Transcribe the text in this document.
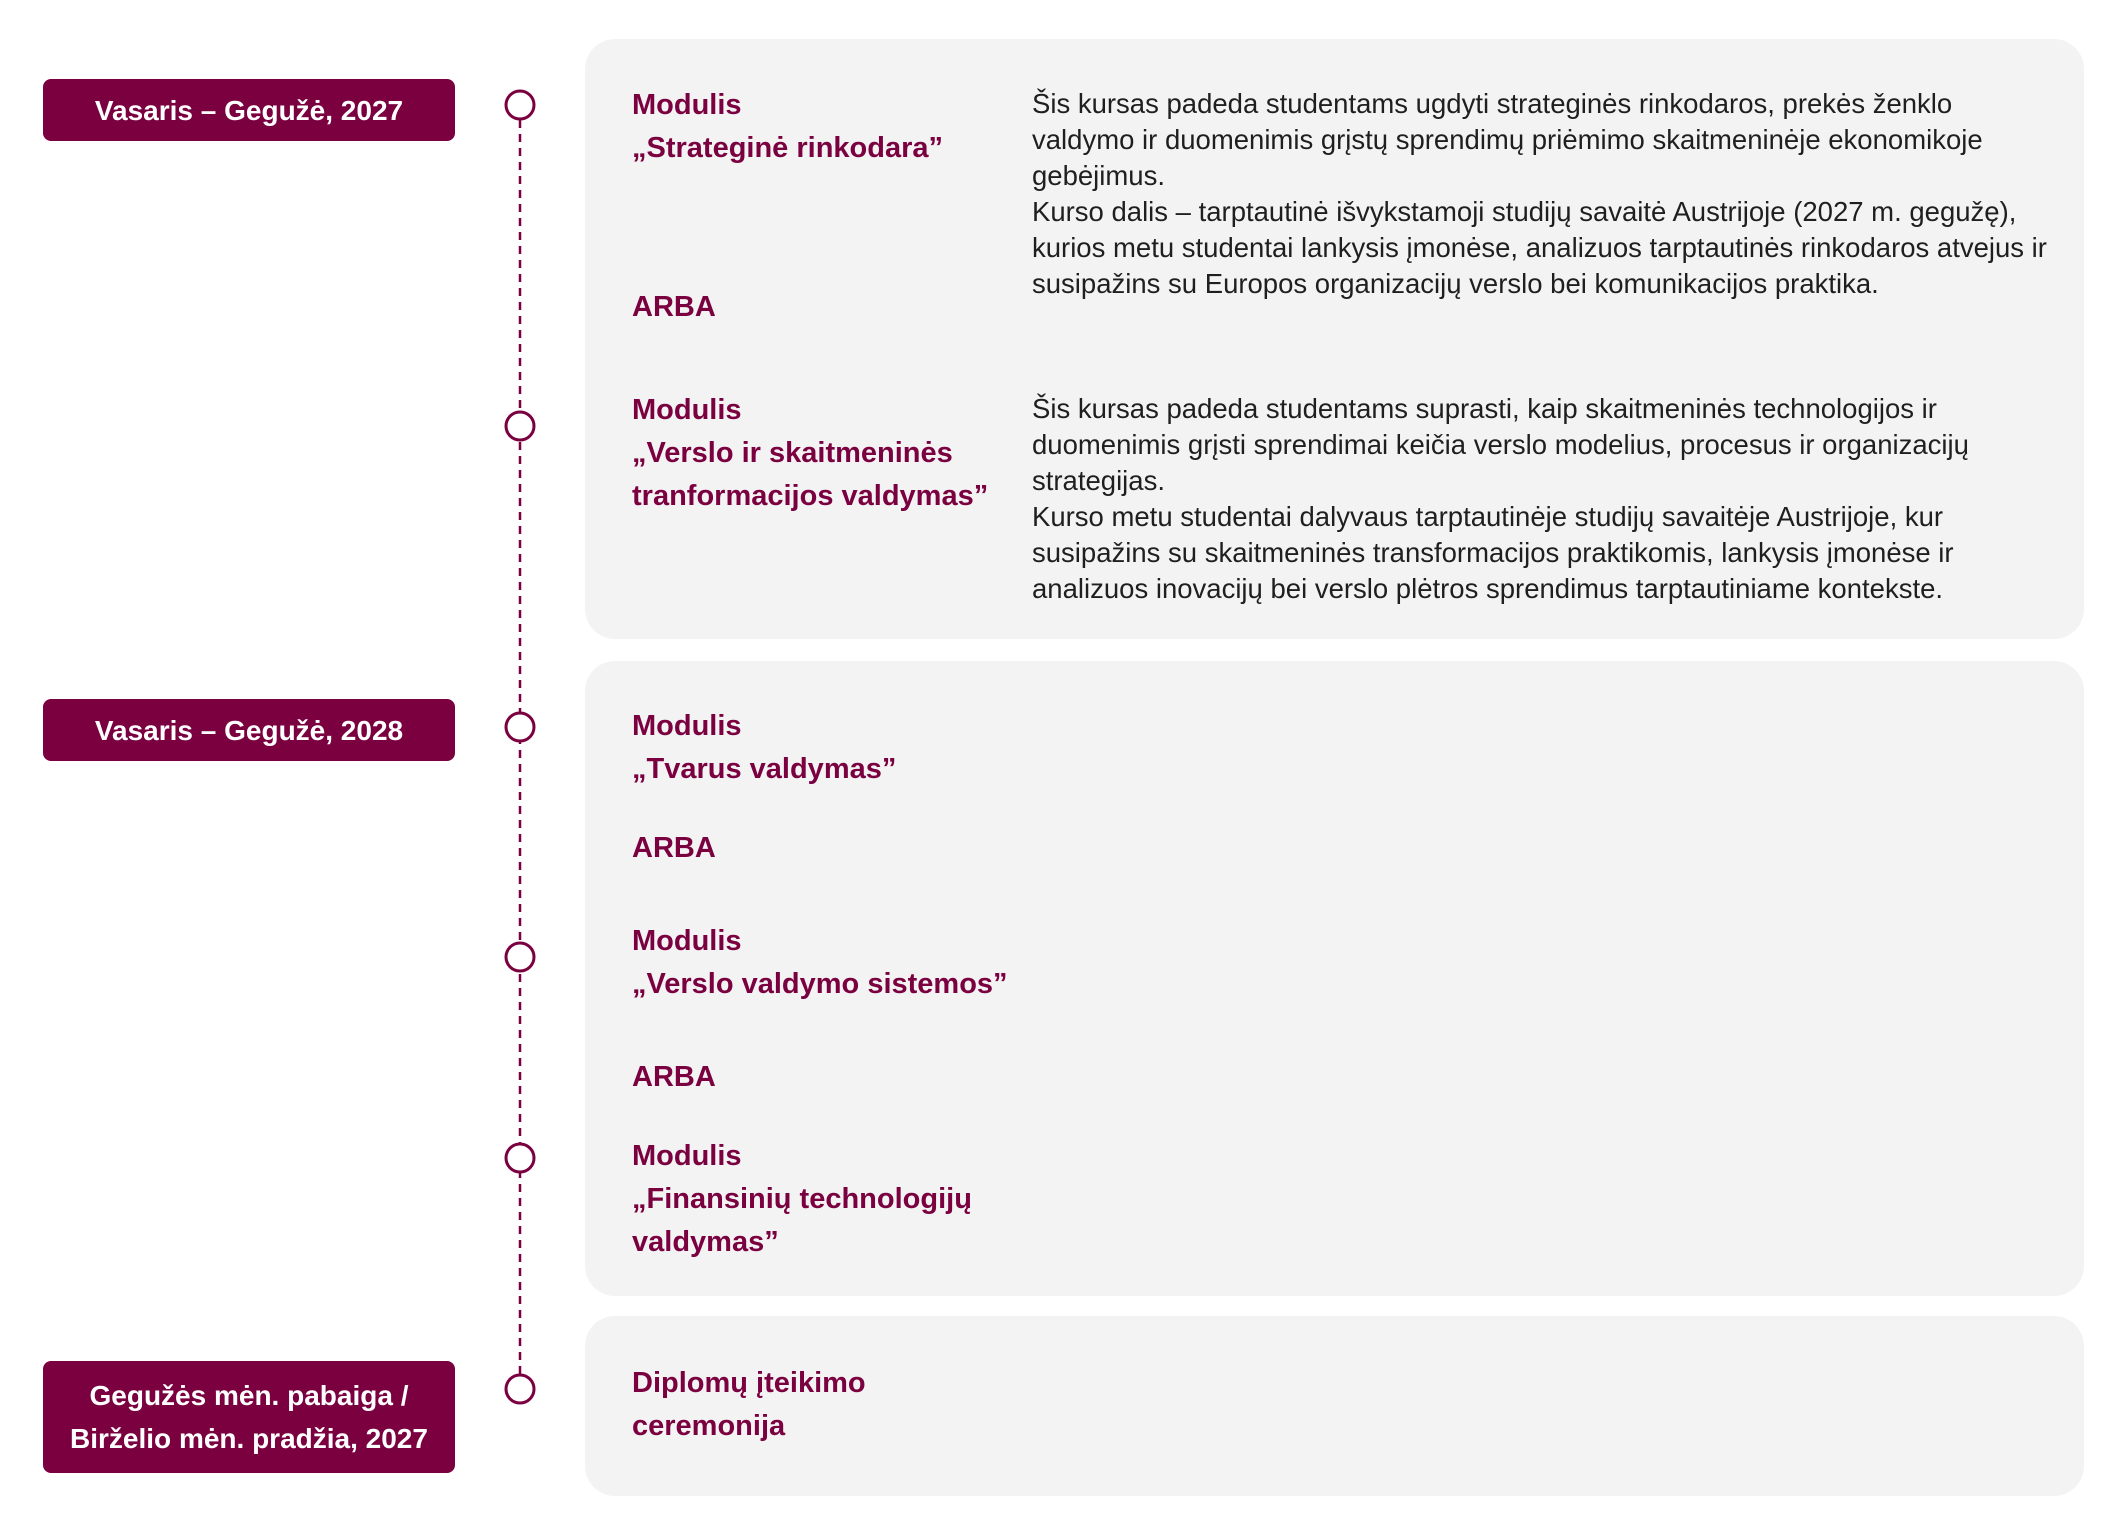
Vasaris – Gegužė, 2027	Modulis
„Strateginė rinkodara”

Šis kursas padeda studentams ugdyti strateginės rinkodaros, prekės ženklo valdymo ir duomenimis grįstų sprendimų priėmimo skaitmeninėje ekonomikoje gebėjimus.

Kurso dalis – tarptautinė išvykstamoji studijų savaitė Austrijoje (2027 m. gegužę), kurios metu studentai lankysis įmonėse, analizuos tarptautinės rinkodaros atvejus ir susipažins su Europos organizacijų verslo bei komunikacijos praktika.

ARBA
Modulis
„Verslo ir skaitmeninės
tranformacijos valdymas”

Šis kursas padeda studentams suprasti, kaip skaitmeninės technologijos ir duomenimis grįsti sprendimai keičia verslo modelius, procesus ir organizacijų strategijas.

Kurso metu studentai dalyvaus tarptautinėje studijų savaitėje Austrijoje, kur susipažins su skaitmeninės transformacijos praktikomis, lankysis įmonėse ir analizuos inovacijų bei verslo plėtros sprendimus tarptautiniame kontekste.

Vasaris – Gegužė, 2028	Modulis
„Tvarus valdymas”
ARBA
Modulis
„Verslo valdymo sistemos”
ARBA
Modulis
„Finansinių technologijų
valdymas”
Gegužės mėn. pabaiga /
Birželio mėn. pradžia, 2027
Diplomų įteikimo
ceremonija
